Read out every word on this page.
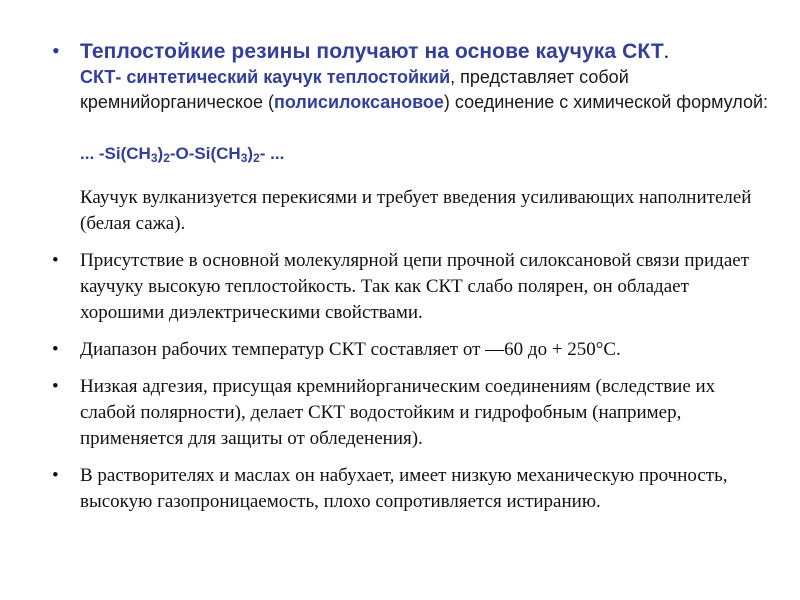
• Теплостойкие резины получают на основе каучука СКТ.
СКТ- синтетический каучук теплостойкий, представляет собой кремнийорганическое (полисилоксановое) соединение с химической формулой:
... $-Si(CH_3)_2-O-Si(CH_3)_2-$ ...
Каучук вулканизуется перекисями и требует введения усиливающих наполнителей (белая сажа).
• Присутствие в основной молекулярной цепи прочной силоксановой связи придает каучуку высокую теплостойкость. Так как СКТ слабо полярен, он обладает хорошими диэлектрическими свойствами.
• Диапазон рабочих температур СКТ составляет от —60 до + 250°С.
• Низкая адгезия, присущая кремнийорганическим соединениям (вследствие их слабой полярности), делает СКТ водостойким и гидрофобным (например, применяется для защиты от обледенения).
• В растворителях и маслах он набухает, имеет низкую механическую прочность, высокую газопроницаемость, плохо сопротивляется истиранию.
